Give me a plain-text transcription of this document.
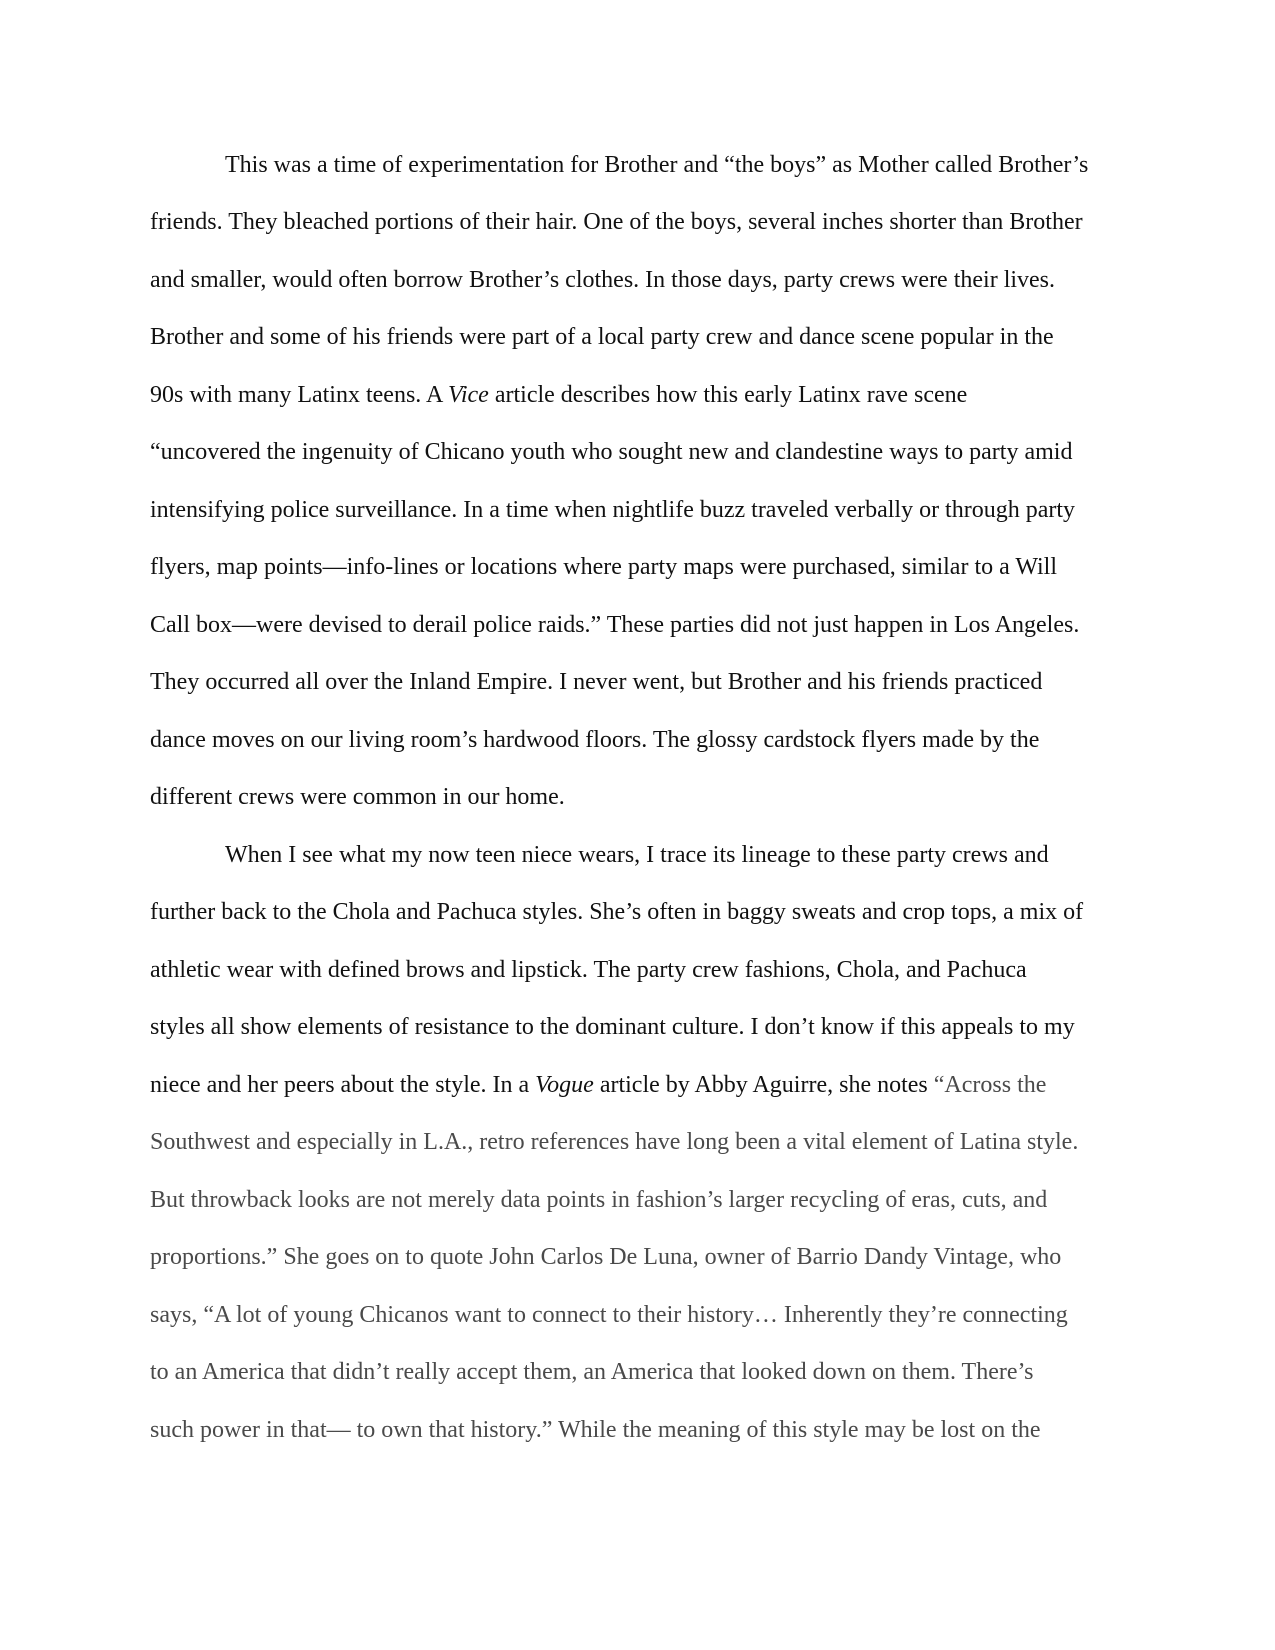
This was a time of experimentation for Brother and “the boys” as Mother called Brother’s
friends. They bleached portions of their hair. One of the boys, several inches shorter than Brother
and smaller, would often borrow Brother’s clothes. In those days, party crews were their lives.
Brother and some of his friends were part of a local party crew and dance scene popular in the
90s with many Latinx teens. A Vice article describes how this early Latinx rave scene
“uncovered the ingenuity of Chicano youth who sought new and clandestine ways to party amid
intensifying police surveillance. In a time when nightlife buzz traveled verbally or through party
flyers, map points—info-lines or locations where party maps were purchased, similar to a Will
Call box—were devised to derail police raids.” These parties did not just happen in Los Angeles.
They occurred all over the Inland Empire. I never went, but Brother and his friends practiced
dance moves on our living room’s hardwood floors. The glossy cardstock flyers made by the
different crews were common in our home.
When I see what my now teen niece wears, I trace its lineage to these party crews and
further back to the Chola and Pachuca styles. She’s often in baggy sweats and crop tops, a mix of
athletic wear with defined brows and lipstick. The party crew fashions, Chola, and Pachuca
styles all show elements of resistance to the dominant culture. I don’t know if this appeals to my
niece and her peers about the style. In a Vogue article by Abby Aguirre, she notes “Across the
Southwest and especially in L.A., retro references have long been a vital element of Latina style.
But throwback looks are not merely data points in fashion’s larger recycling of eras, cuts, and
proportions.” She goes on to quote John Carlos De Luna, owner of Barrio Dandy Vintage, who
says, “A lot of young Chicanos want to connect to their history… Inherently they’re connecting
to an America that didn’t really accept them, an America that looked down on them. There’s
such power in that— to own that history.” While the meaning of this style may be lost on the
